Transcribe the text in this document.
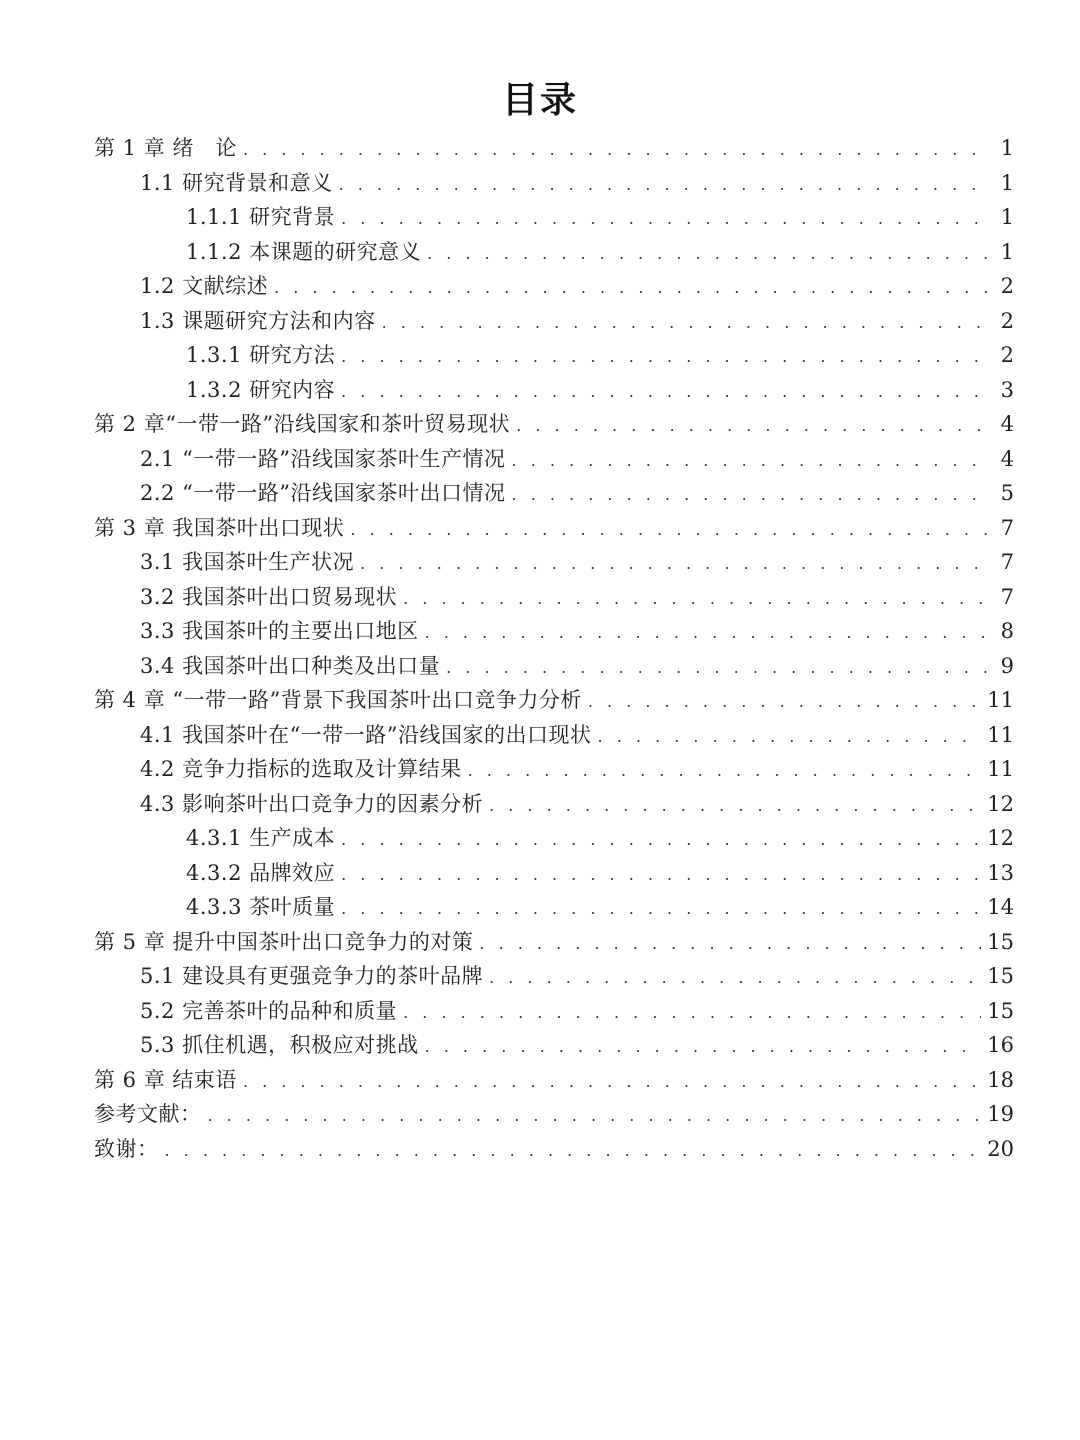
目录
第 1 章 绪　论 . . .	1
1.1 研究背景和意义 . . .	1
1.1.1 研究背景 . . .	1
1.1.2 本课题的研究意义 . . .	1
1.2 文献综述 . . .	2
1.3 课题研究方法和内容 . . .	2
1.3.1 研究方法 . . .	2
1.3.2 研究内容 . . .	3
第 2 章“一带一路”沿线国家和茶叶贸易现状 . . .	4
2.1 “一带一路”沿线国家茶叶生产情况 . . .	4
2.2 “一带一路”沿线国家茶叶出口情况 . . .	5
第 3 章 我国茶叶出口现状 . . .	7
3.1 我国茶叶生产状况 . . .	7
3.2 我国茶叶出口贸易现状 . . .	7
3.3 我国茶叶的主要出口地区 . . .	8
3.4 我国茶叶出口种类及出口量 . . .	9
第 4 章 “一带一路”背景下我国茶叶出口竞争力分析 . . .	11
4.1 我国茶叶在“一带一路”沿线国家的出口现状 . . .	11
4.2 竞争力指标的选取及计算结果 . . .	11
4.3 影响茶叶出口竞争力的因素分析 . . .	12
4.3.1 生产成本 . . .	12
4.3.2 品牌效应 . . .	13
4.3.3 茶叶质量 . . .	14
第 5 章 提升中国茶叶出口竞争力的对策 . . .	15
5.1 建设具有更强竞争力的茶叶品牌 . . .	15
5.2 完善茶叶的品种和质量 . . .	15
5.3 抓住机遇，积极应对挑战 . . .	16
第 6 章 结束语 . . .	18
参考文献： . . .	19
致谢： . . .	20
